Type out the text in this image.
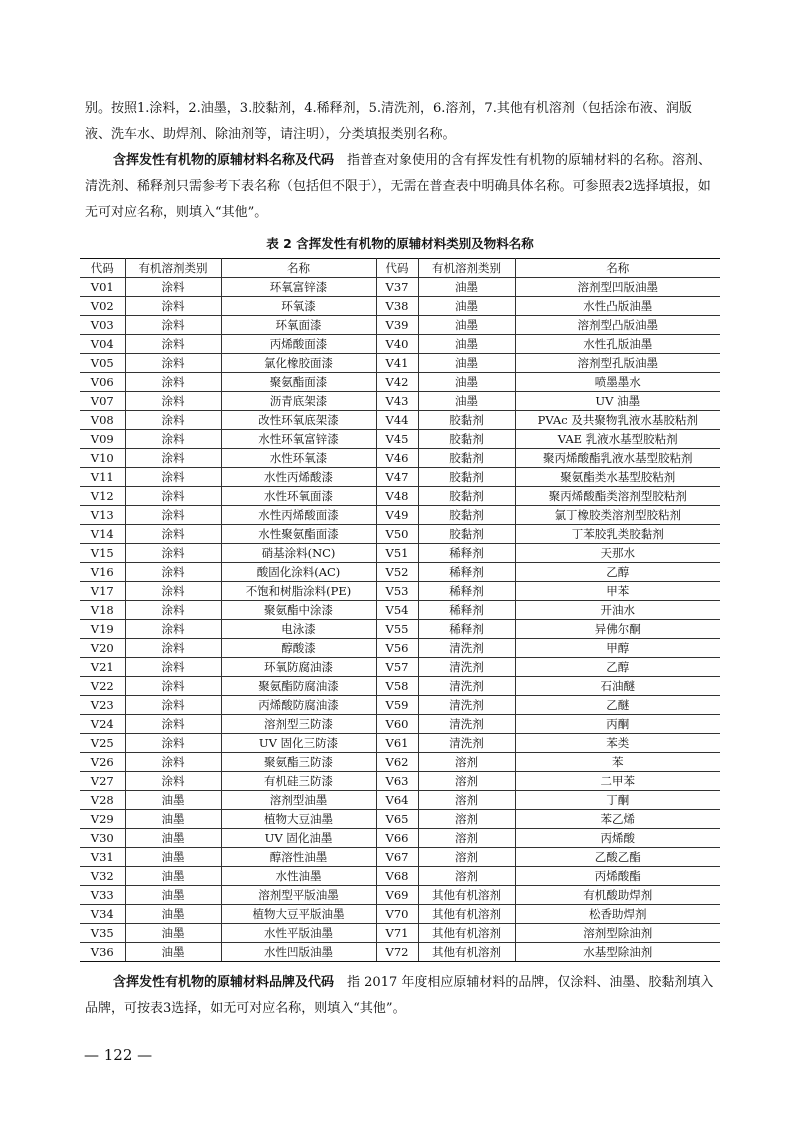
别。按照1.涂料，2.油墨，3.胶黏剂，4.稀释剂，5.清洗剂，6.溶剂，7.其他有机溶剂（包括涂布液、润版液、洗车水、助焊剂、除油剂等，请注明），分类填报类别名称。

含挥发性有机物的原辅材料名称及代码　指普查对象使用的含有挥发性有机物的原辅材料的名称。溶剂、清洗剂、稀释剂只需参考下表名称（包括但不限于），无需在普查表中明确具体名称。可参照表2选择填报，如无可对应名称，则填入“其他”。

表 2 含挥发性有机物的原辅材料类别及物料名称
代码	有机溶剂类别	名称	代码	有机溶剂类别	名称
V01	涂料	环氧富锌漆	V37	油墨	溶剂型凹版油墨
V02	涂料	环氧漆	V38	油墨	水性凸版油墨
V03	涂料	环氧面漆	V39	油墨	溶剂型凸版油墨
V04	涂料	丙烯酸面漆	V40	油墨	水性孔版油墨
V05	涂料	氯化橡胶面漆	V41	油墨	溶剂型孔版油墨
V06	涂料	聚氨酯面漆	V42	油墨	喷墨墨水
V07	涂料	沥青底架漆	V43	油墨	UV 油墨
V08	涂料	改性环氧底架漆	V44	胶黏剂	PVAc 及共聚物乳液水基胶粘剂
V09	涂料	水性环氧富锌漆	V45	胶黏剂	VAE 乳液水基型胶粘剂
V10	涂料	水性环氧漆	V46	胶黏剂	聚丙烯酸酯乳液水基型胶粘剂
V11	涂料	水性丙烯酸漆	V47	胶黏剂	聚氨酯类水基型胶粘剂
V12	涂料	水性环氧面漆	V48	胶黏剂	聚丙烯酸酯类溶剂型胶粘剂
V13	涂料	水性丙烯酸面漆	V49	胶黏剂	氯丁橡胶类溶剂型胶粘剂
V14	涂料	水性聚氨酯面漆	V50	胶黏剂	丁苯胶乳类胶黏剂
V15	涂料	硝基涂料(NC)	V51	稀释剂	天那水
V16	涂料	酸固化涂料(AC)	V52	稀释剂	乙醇
V17	涂料	不饱和树脂涂料(PE)	V53	稀释剂	甲苯
V18	涂料	聚氨酯中涂漆	V54	稀释剂	开油水
V19	涂料	电泳漆	V55	稀释剂	异佛尔酮
V20	涂料	醇酸漆	V56	清洗剂	甲醇
V21	涂料	环氧防腐油漆	V57	清洗剂	乙醇
V22	涂料	聚氨酯防腐油漆	V58	清洗剂	石油醚
V23	涂料	丙烯酸防腐油漆	V59	清洗剂	乙醚
V24	涂料	溶剂型三防漆	V60	清洗剂	丙酮
V25	涂料	UV 固化三防漆	V61	清洗剂	苯类
V26	涂料	聚氨酯三防漆	V62	溶剂	苯
V27	涂料	有机硅三防漆	V63	溶剂	二甲苯
V28	油墨	溶剂型油墨	V64	溶剂	丁酮
V29	油墨	植物大豆油墨	V65	溶剂	苯乙烯
V30	油墨	UV 固化油墨	V66	溶剂	丙烯酸
V31	油墨	醇溶性油墨	V67	溶剂	乙酸乙酯
V32	油墨	水性油墨	V68	溶剂	丙烯酸酯
V33	油墨	溶剂型平版油墨	V69	其他有机溶剂	有机酸助焊剂
V34	油墨	植物大豆平版油墨	V70	其他有机溶剂	松香助焊剂
V35	油墨	水性平版油墨	V71	其他有机溶剂	溶剂型除油剂
V36	油墨	水性凹版油墨	V72	其他有机溶剂	水基型除油剂

含挥发性有机物的原辅材料品牌及代码　指 2017 年度相应原辅材料的品牌，仅涂料、油墨、胶黏剂填入品牌，可按表3选择，如无可对应名称，则填入“其他”。

— 122 —
